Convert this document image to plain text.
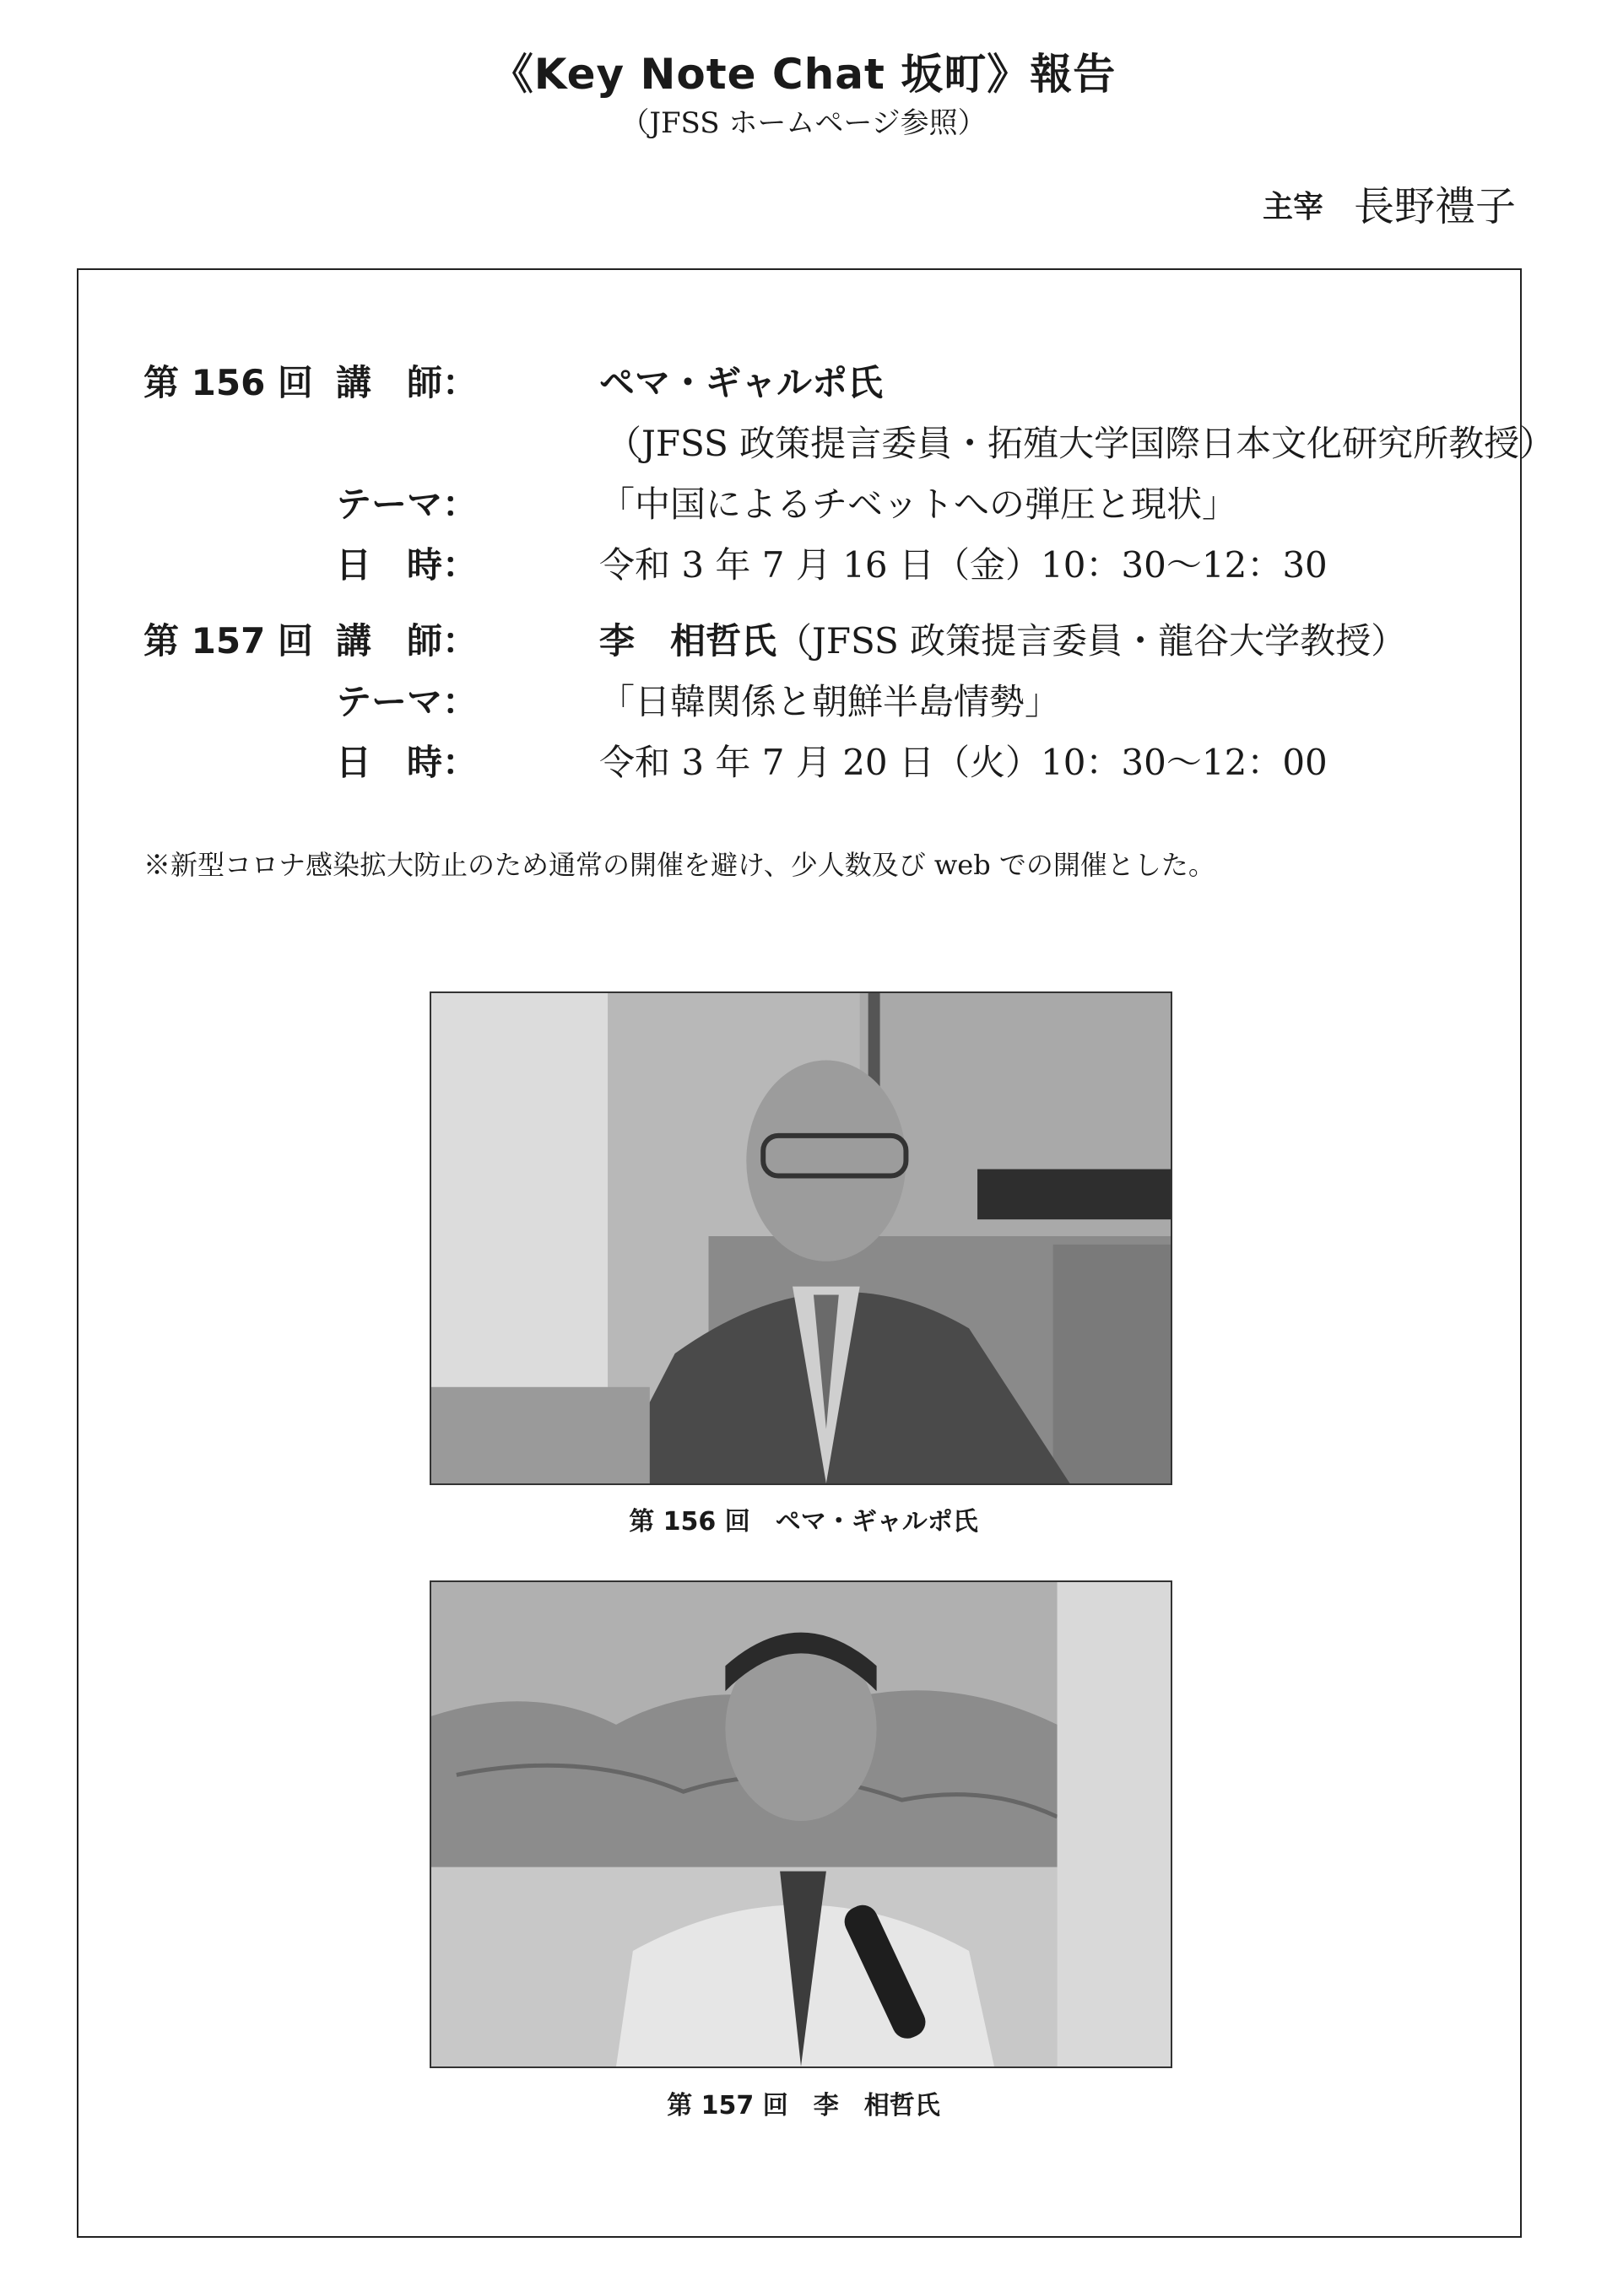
《Key Note Chat 坂町》報告
（JFSS ホームページ参照）
主宰 長野禮子
第 156 回 講　師：	ペマ・ギャルポ氏
（JFSS 政策提言委員・拓殖大学国際日本文化研究所教授）
テーマ：	「中国によるチベットへの弾圧と現状」
日　時：	令和 3 年 7 月 16 日（金）10：30〜12：30
第 157 回 講　師：	李　相哲氏（JFSS 政策提言委員・龍谷大学教授）
テーマ：	「日韓関係と朝鮮半島情勢」
日　時：	令和 3 年 7 月 20 日（火）10：30〜12：00
※新型コロナ感染拡大防止のため通常の開催を避け、少人数及び web での開催とした。
第 156 回　ペマ・ギャルポ氏
第 157 回　李　相哲氏
